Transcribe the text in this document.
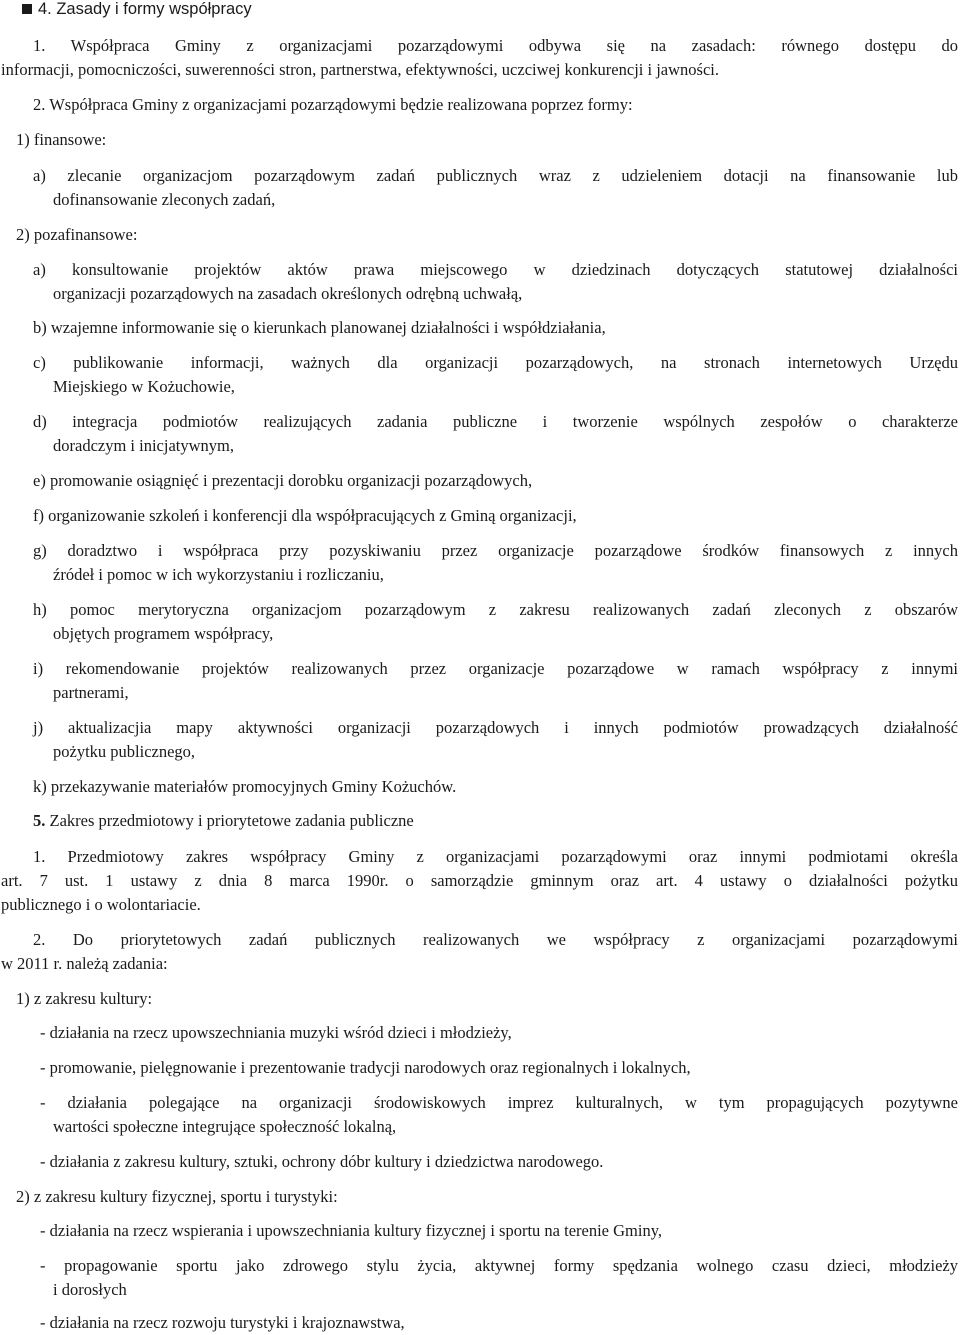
4. Zasady i formy współpracy
1. Współpraca Gminy z organizacjami pozarządowymi odbywa się na zasadach: równego dostępu do
informacji, pomocniczości, suwerenności stron, partnerstwa, efektywności, uczciwej konkurencji i jawności.
2. Współpraca Gminy z organizacjami pozarządowymi będzie realizowana poprzez formy:
1) finansowe:
a) zlecanie organizacjom pozarządowym zadań publicznych wraz z udzieleniem dotacji na finansowanie lub
dofinansowanie zleconych zadań,
2) pozafinansowe:
a) konsultowanie projektów aktów prawa miejscowego w dziedzinach dotyczących statutowej działalności
organizacji pozarządowych na zasadach określonych odrębną uchwałą,
b) wzajemne informowanie się o kierunkach planowanej działalności i współdziałania,
c) publikowanie informacji, ważnych dla organizacji pozarządowych, na stronach internetowych Urzędu
Miejskiego w Kożuchowie,
d) integracja podmiotów realizujących zadania publiczne i tworzenie wspólnych zespołów o charakterze
doradczym i inicjatywnym,
e) promowanie osiągnięć i prezentacji dorobku organizacji pozarządowych,
f) organizowanie szkoleń i konferencji dla współpracujących z Gminą organizacji,
g) doradztwo i współpraca przy pozyskiwaniu przez organizacje pozarządowe środków finansowych z innych
źródeł i pomoc w ich wykorzystaniu i rozliczaniu,
h) pomoc merytoryczna organizacjom pozarządowym z zakresu realizowanych zadań zleconych z obszarów
objętych programem współpracy,
i) rekomendowanie projektów realizowanych przez organizacje pozarządowe w ramach współpracy z innymi
partnerami,
j) aktualizacjia mapy aktywności organizacji pozarządowych i innych podmiotów prowadzących działalność
pożytku publicznego,
k) przekazywanie materiałów promocyjnych Gminy Kożuchów.
5. Zakres przedmiotowy i priorytetowe zadania publiczne
1. Przedmiotowy zakres współpracy Gminy z organizacjami pozarządowymi oraz innymi podmiotami określa
art. 7 ust. 1 ustawy z dnia 8 marca 1990r. o samorządzie gminnym oraz art. 4 ustawy o działalności pożytku
publicznego i o wolontariacie.
2. Do priorytetowych zadań publicznych realizowanych we współpracy z organizacjami pozarządowymi
w 2011 r. należą zadania:
1) z zakresu kultury:
- działania na rzecz upowszechniania muzyki wśród dzieci i młodzieży,
- promowanie, pielęgnowanie i prezentowanie tradycji narodowych oraz regionalnych i lokalnych,
- działania polegające na organizacji środowiskowych imprez kulturalnych, w tym propagujących pozytywne
wartości społeczne integrujące społeczność lokalną,
- działania z zakresu kultury, sztuki, ochrony dóbr kultury i dziedzictwa narodowego.
2) z zakresu kultury fizycznej, sportu i turystyki:
- działania na rzecz wspierania i upowszechniania kultury fizycznej i sportu na terenie Gminy,
- propagowanie sportu jako zdrowego stylu życia, aktywnej formy spędzania wolnego czasu dzieci, młodzieży
i dorosłych
- działania na rzecz rozwoju turystyki i krajoznawstwa,
